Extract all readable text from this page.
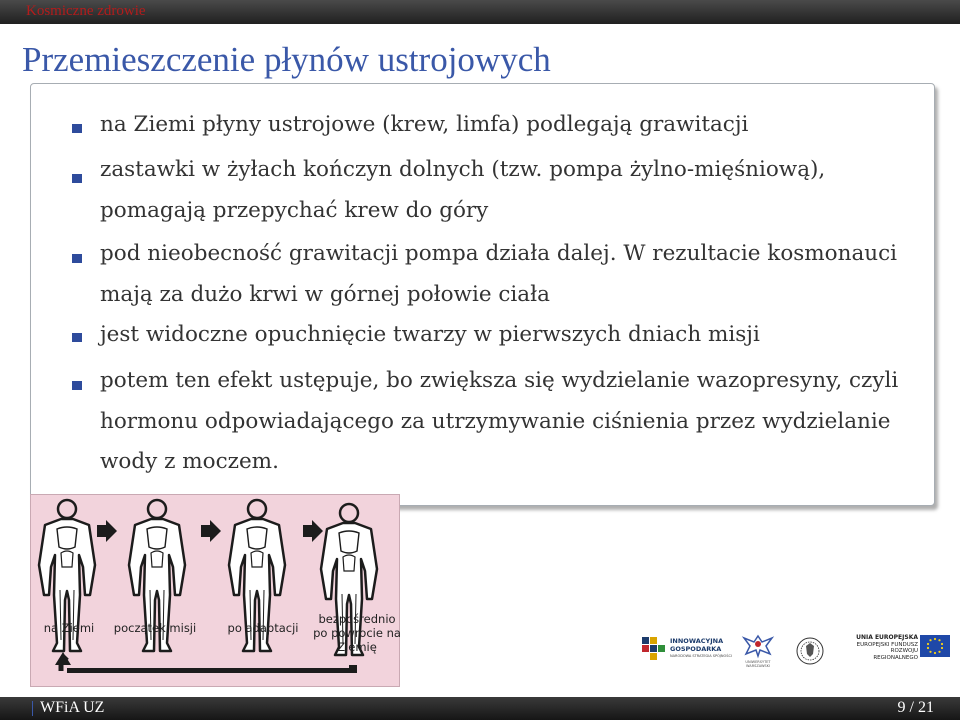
Kosmiczne zdrowie
Przemieszczenie płynów ustrojowych
na Ziemi płyny ustrojowe (krew, limfa) podlegają grawitacji
zastawki w żyłach kończyn dolnych (tzw. pompa żylno-mięśniową), pomagają przepychać krew do góry
pod nieobecność grawitacji pompa działa dalej. W rezultacie kosmonauci mają za dużo krwi w górnej połowie ciała
jest widoczne opuchnięcie twarzy w pierwszych dniach misji
potem ten efekt ustępuje, bo zwiększa się wydzielanie wazopresyny, czyli hormonu odpowiadającego za utrzymywanie ciśnienia przez wydzielanie wody z moczem.
na Ziemi	początek misji	po adaptacji
bezpośrednio po powrocie na Ziemię	INNOWACYJNA GOSPODARKA
NARODOWA STRATEGIA SPÓJNOŚCI
UNIWERSYTET WARSZAWSKI
UNIA EUROPEJSKA
EUROPEJSKI FUNDUSZ
ROZWOJU REGIONALNEGO
WFiA UZ	9 / 21
